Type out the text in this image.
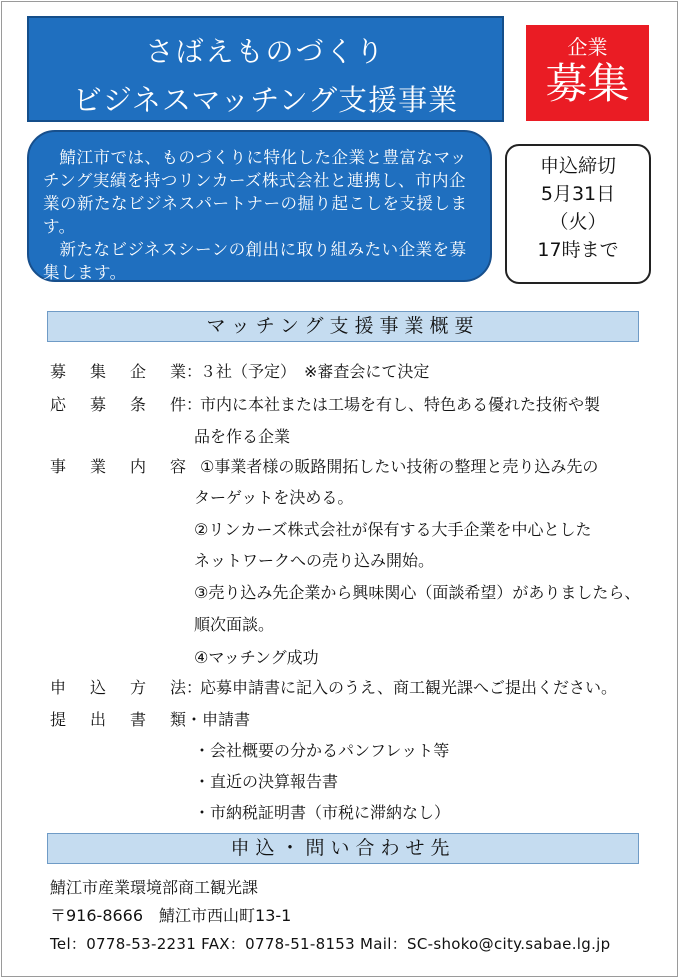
さばえものづくり
ビジネスマッチング支援事業
企業
募集

鯖江市では、ものづくりに特化した企業と豊富なマッチング実績を持つリンカーズ株式会社と連携し、市内企業の新たなビジネスパートナーの掘り起こしを支援します。

新たなビジネスシーンの創出に取り組みたい企業を募集します。

申込締切
5月31日
（火）
17時まで
マッチング支援事業概要
募集企業：３社（予定）　※審査会にて決定
応募条件：市内に本社または工場を有し、特色ある優れた技術や製
品を作る企業
事業内容 ①事業者様の販路開拓したい技術の整理と売り込み先の
ターゲットを決める。
②リンカーズ株式会社が保有する大手企業を中心とした
ネットワークへの売り込み開始。
③売り込み先企業から興味関心（面談希望）がありましたら、
順次面談。
④マッチング成功
申込方法：応募申請書に記入のうえ、商工観光課へご提出ください。
提出書類・申請書
・会社概要の分かるパンフレット等
・直近の決算報告書
・市納税証明書（市税に滞納なし）
申込・問い合わせ先
鯖江市産業環境部商工観光課
〒916-8666　鯖江市西山町13-1
Tel：0778-53-2231 FAX：0778-51-8153 Mail：SC-shoko@city.sabae.lg.jp
